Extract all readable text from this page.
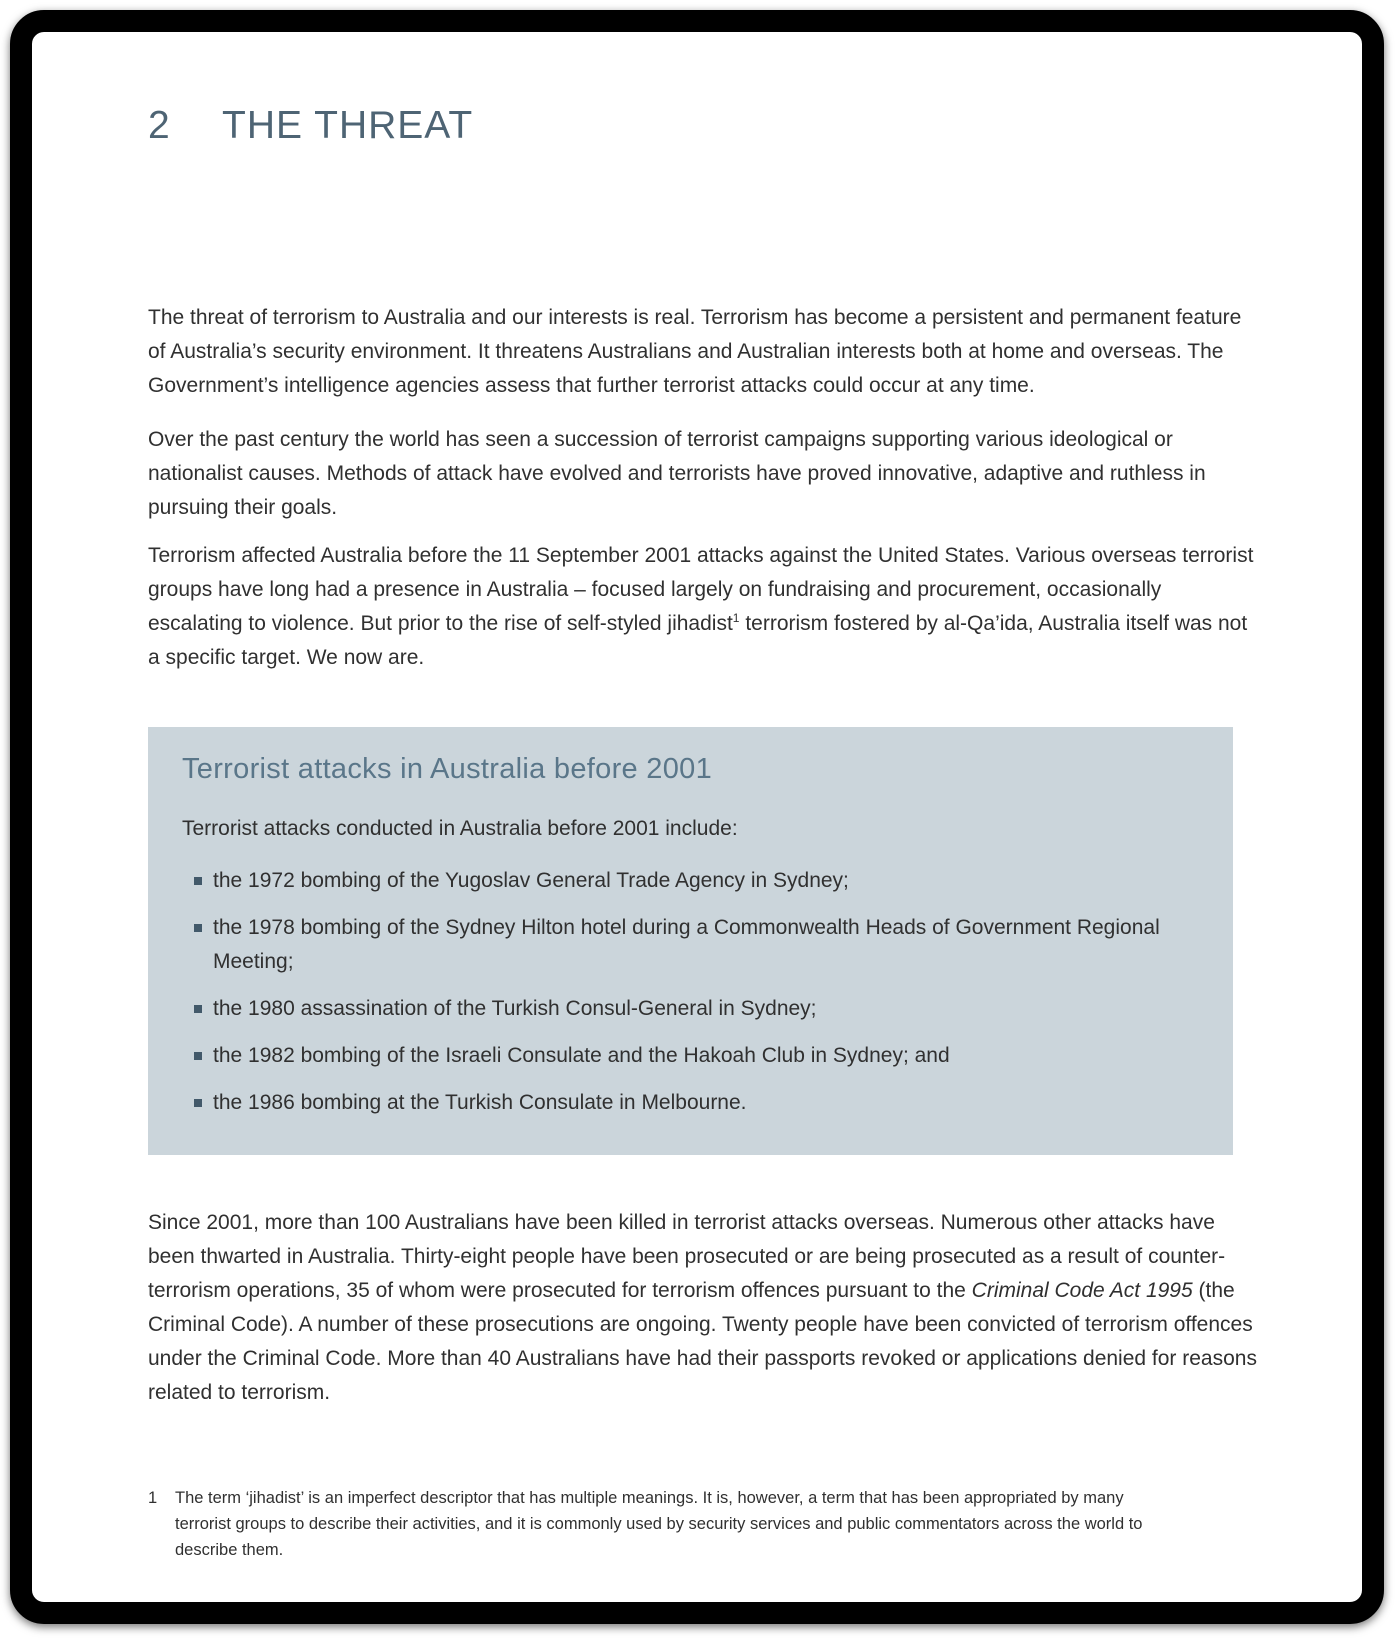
2 THE THREAT

The threat of terrorism to Australia and our interests is real. Terrorism has become a persistent and permanent feature of Australia’s security environment. It threatens Australians and Australian interests both at home and overseas. The Government’s intelligence agencies assess that further terrorist attacks could occur at any time.

Over the past century the world has seen a succession of terrorist campaigns supporting various ideological or nationalist causes. Methods of attack have evolved and terrorists have proved innovative, adaptive and ruthless in pursuing their goals.

Terrorism affected Australia before the 11 September 2001 attacks against the United States. Various overseas terrorist groups have long had a presence in Australia – focused largely on fundraising and procurement, occasionally escalating to violence. But prior to the rise of self-styled jihadist$^1$ terrorism fostered by al-Qa’ida, Australia itself was not a specific target. We now are.

Terrorist attacks in Australia before 2001

Terrorist attacks conducted in Australia before 2001 include:

the 1972 bombing of the Yugoslav General Trade Agency in Sydney;
the 1978 bombing of the Sydney Hilton hotel during a Commonwealth Heads of Government Regional Meeting;
the 1980 assassination of the Turkish Consul-General in Sydney;
the 1982 bombing of the Israeli Consulate and the Hakoah Club in Sydney; and
the 1986 bombing at the Turkish Consulate in Melbourne.

Since 2001, more than 100 Australians have been killed in terrorist attacks overseas. Numerous other attacks have been thwarted in Australia. Thirty-eight people have been prosecuted or are being prosecuted as a result of counter-terrorism operations, 35 of whom were prosecuted for terrorism offences pursuant to the Criminal Code Act 1995 (the Criminal Code). A number of these prosecutions are ongoing. Twenty people have been convicted of terrorism offences under the Criminal Code. More than 40 Australians have had their passports revoked or applications denied for reasons related to terrorism.

1	The term ‘jihadist’ is an imperfect descriptor that has multiple meanings. It is, however, a term that has been appropriated by many terrorist groups to describe their activities, and it is commonly used by security services and public commentators across the world to describe them.
